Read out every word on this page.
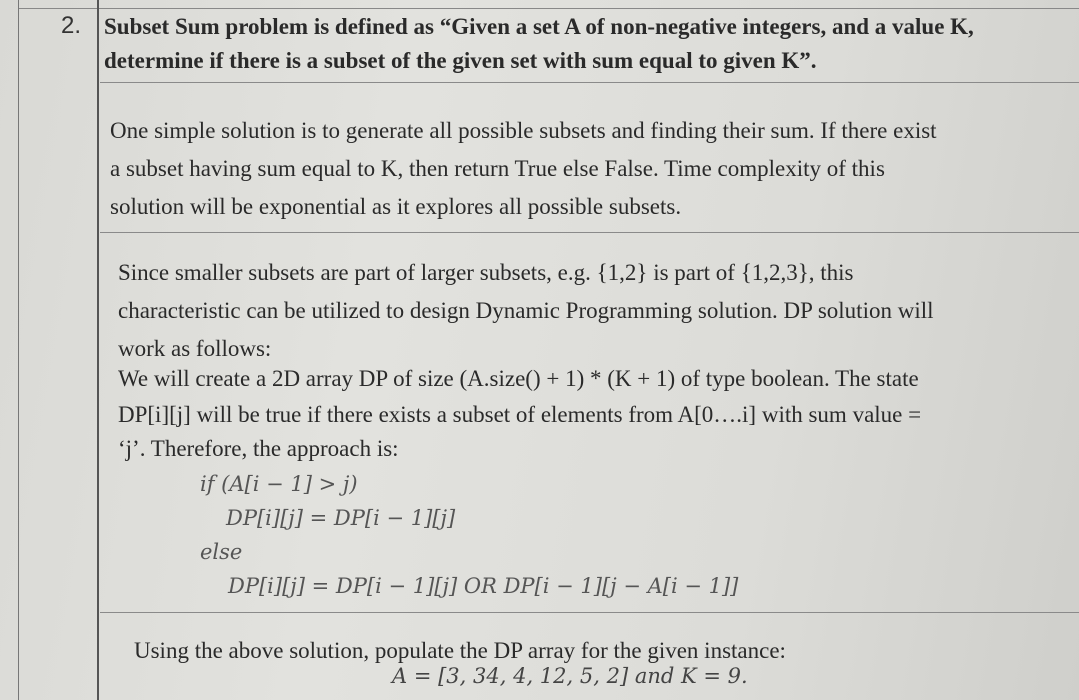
2. Subset Sum problem is defined as “Given a set A of non-negative integers, and a value K,
determine if there is a subset of the given set with sum equal to given K”.
One simple solution is to generate all possible subsets and finding their sum. If there exist
a subset having sum equal to K, then return True else False. Time complexity of this
solution will be exponential as it explores all possible subsets.
Since smaller subsets are part of larger subsets, e.g. {1,2} is part of {1,2,3}, this
characteristic can be utilized to design Dynamic Programming solution. DP solution will
work as follows:
We will create a 2D array DP of size (A.size() + 1) * (K + 1) of type boolean. The state
DP[i][j] will be true if there exists a subset of elements from A[0….i] with sum value =
‘j’. Therefore, the approach is:
if (A[i − 1] > j)
DP[i][j] = DP[i − 1][j]
else
DP[i][j] = DP[i − 1][j] OR DP[i − 1][j − A[i − 1]]
Using the above solution, populate the DP array for the given instance:
A = [3, 34, 4, 12, 5, 2] and K = 9.
